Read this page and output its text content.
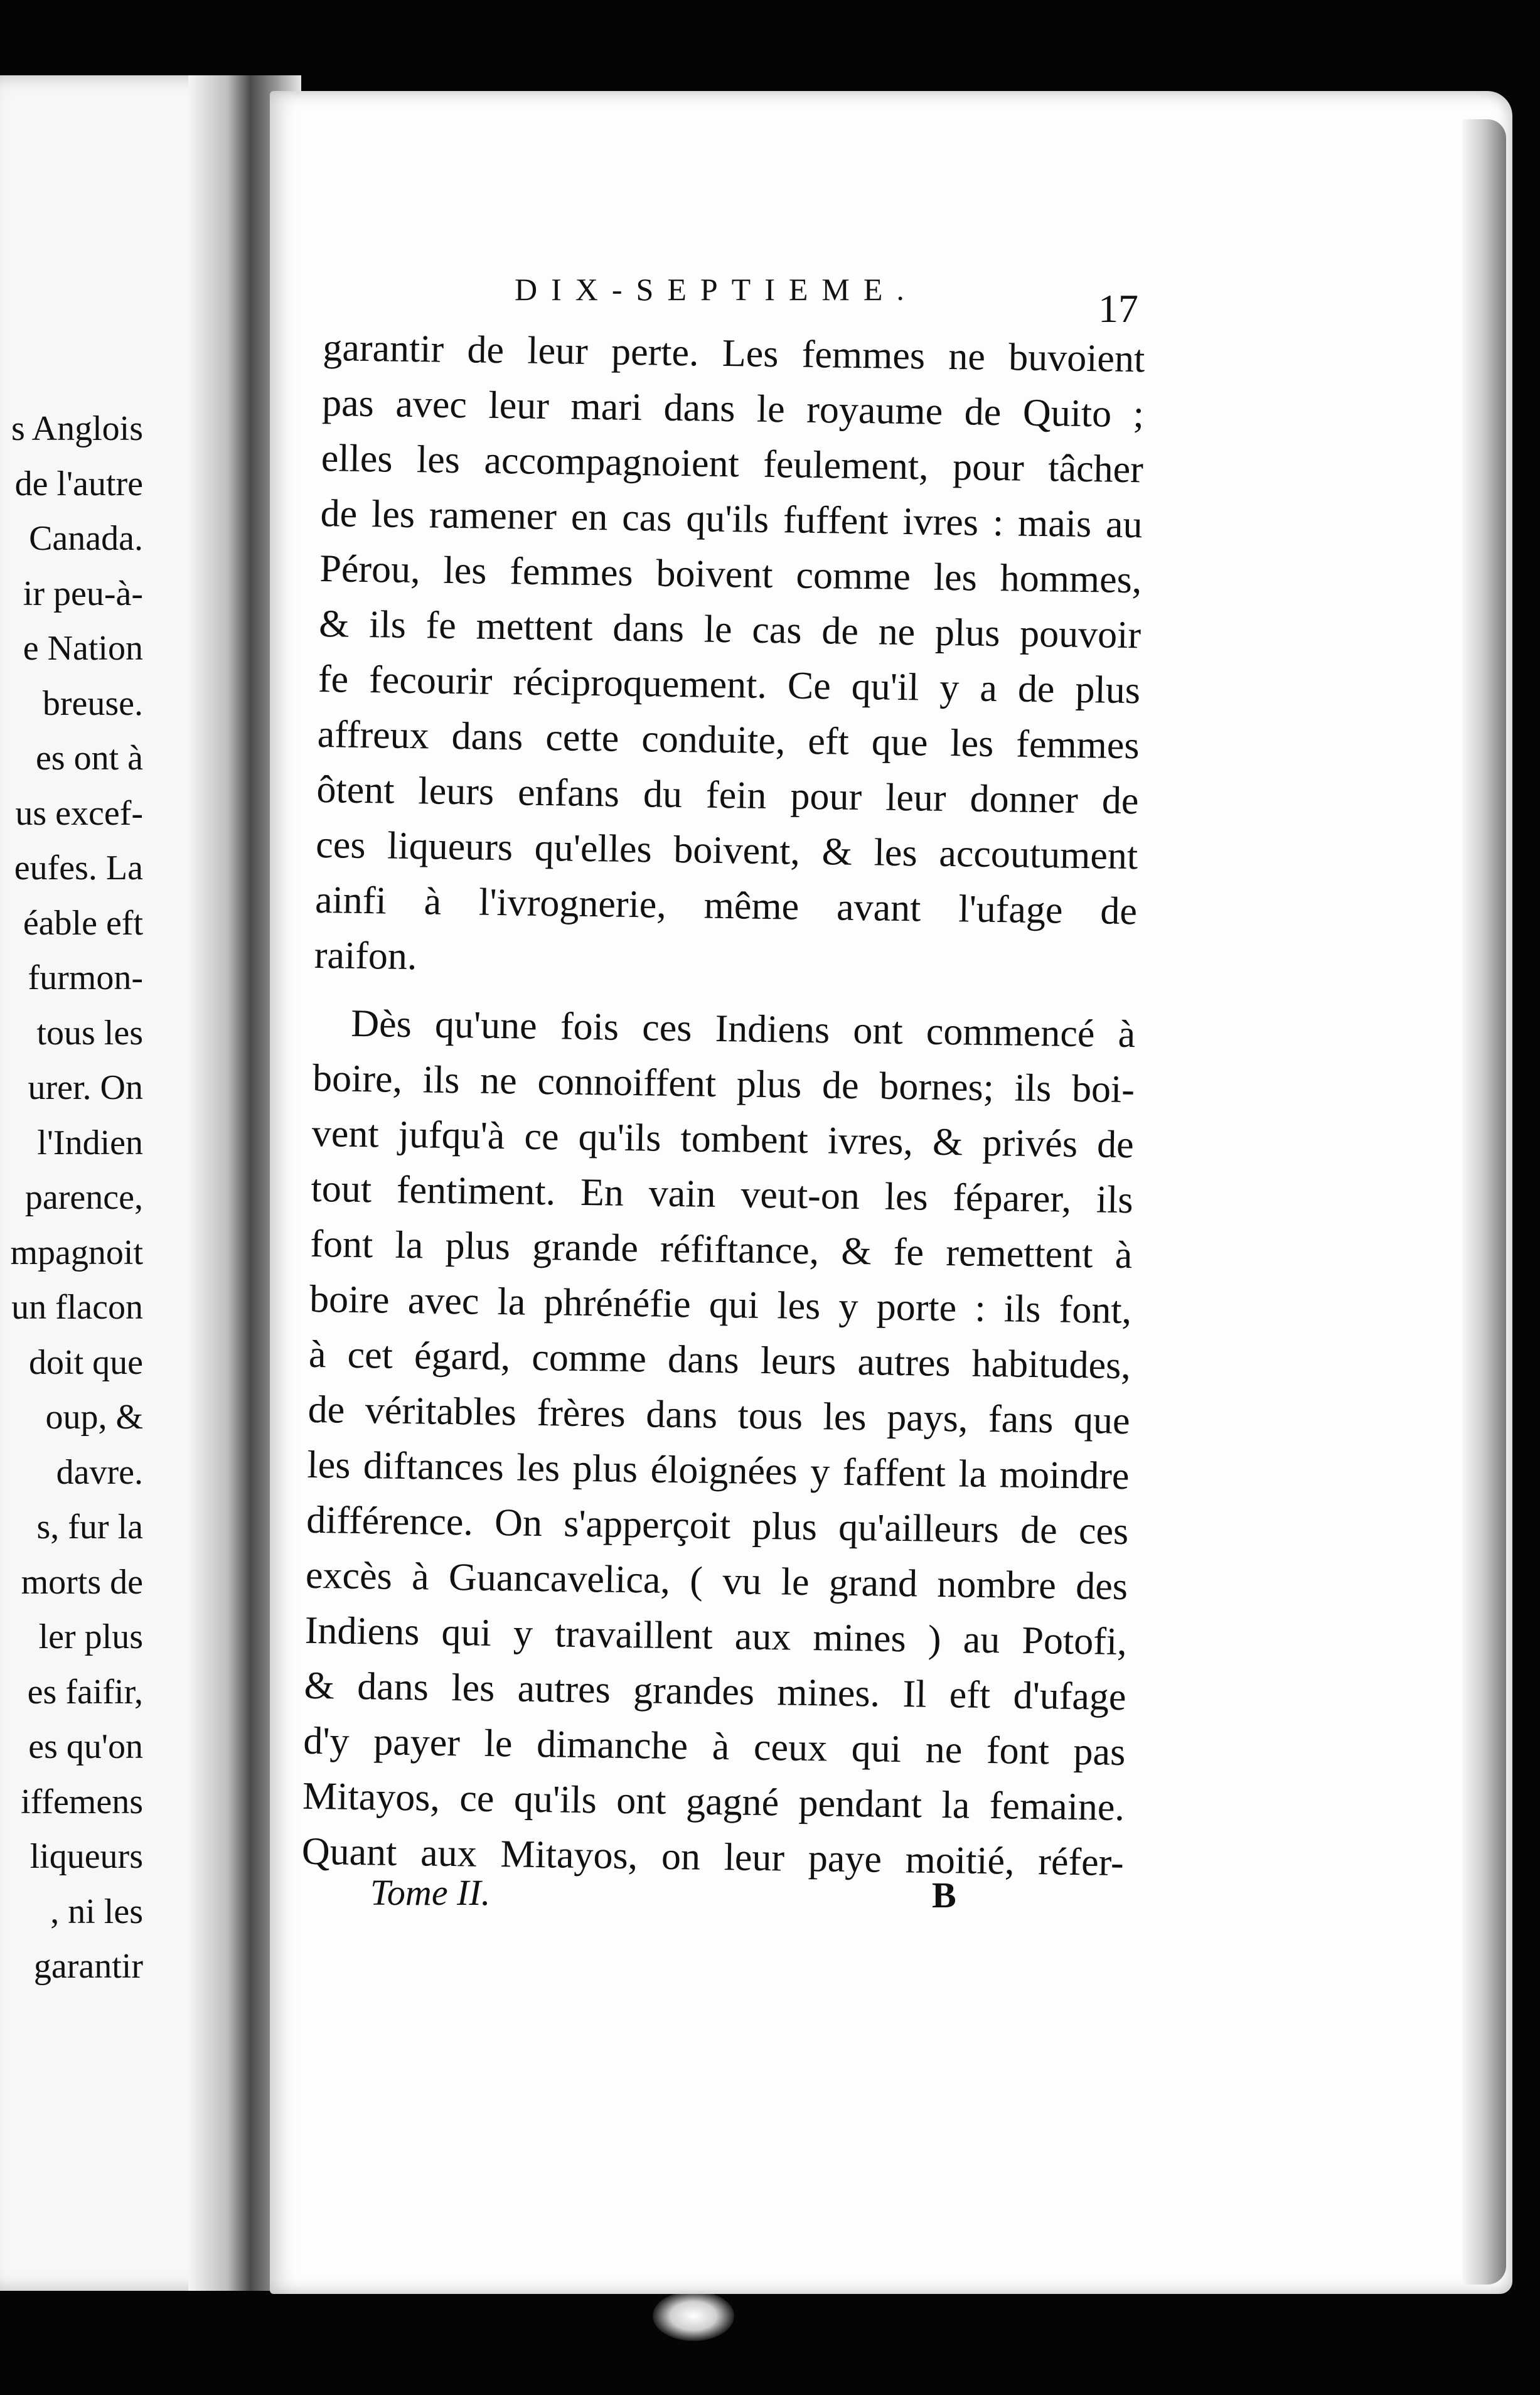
s Anglois
de l'autre
Canada.
ir peu-à-
e Nation
breuse.
es ont à
us excef-
eufes. La
éable eft
furmon-
tous les
urer. On
l'Indien
parence,
mpagnoit
un flacon
doit que
oup, &
davre.
s, fur la
morts de
ler plus
es faifir,
es qu'on
iffemens
liqueurs
, ni les
garantir
DIX-SEPTIEME.	17
garantir de leur perte. Les femmes ne buvoient
pas avec leur mari dans le royaume de Quito ;
elles les accompagnoient feulement, pour tâcher
de les ramener en cas qu'ils fuffent ivres : mais au
Pérou, les femmes boivent comme les hommes,
& ils fe mettent dans le cas de ne plus pouvoir
fe fecourir réciproquement. Ce qu'il y a de plus
affreux dans cette conduite, eft que les femmes
ôtent leurs enfans du fein pour leur donner de
ces liqueurs qu'elles boivent, & les accoutument
ainfi à l'ivrognerie, même avant l'ufage de
raifon.

Dès qu'une fois ces Indiens ont commencé à
boire, ils ne connoiffent plus de bornes; ils boi-
vent jufqu'à ce qu'ils tombent ivres, & privés de
tout fentiment. En vain veut-on les féparer, ils
font la plus grande réfiftance, & fe remettent à
boire avec la phrénéfie qui les y porte : ils font,
à cet égard, comme dans leurs autres habitudes,
de véritables frères dans tous les pays, fans que
les diftances les plus éloignées y faffent la moindre
différence. On s'apperçoit plus qu'ailleurs de ces
excès à Guancavelica, ( vu le grand nombre des
Indiens qui y travaillent aux mines ) au Potofi,
& dans les autres grandes mines. Il eft d'ufage
d'y payer le dimanche à ceux qui ne font pas
Mitayos, ce qu'ils ont gagné pendant la femaine.
Quant aux Mitayos, on leur paye moitié, réfer-
Tome II.	B
